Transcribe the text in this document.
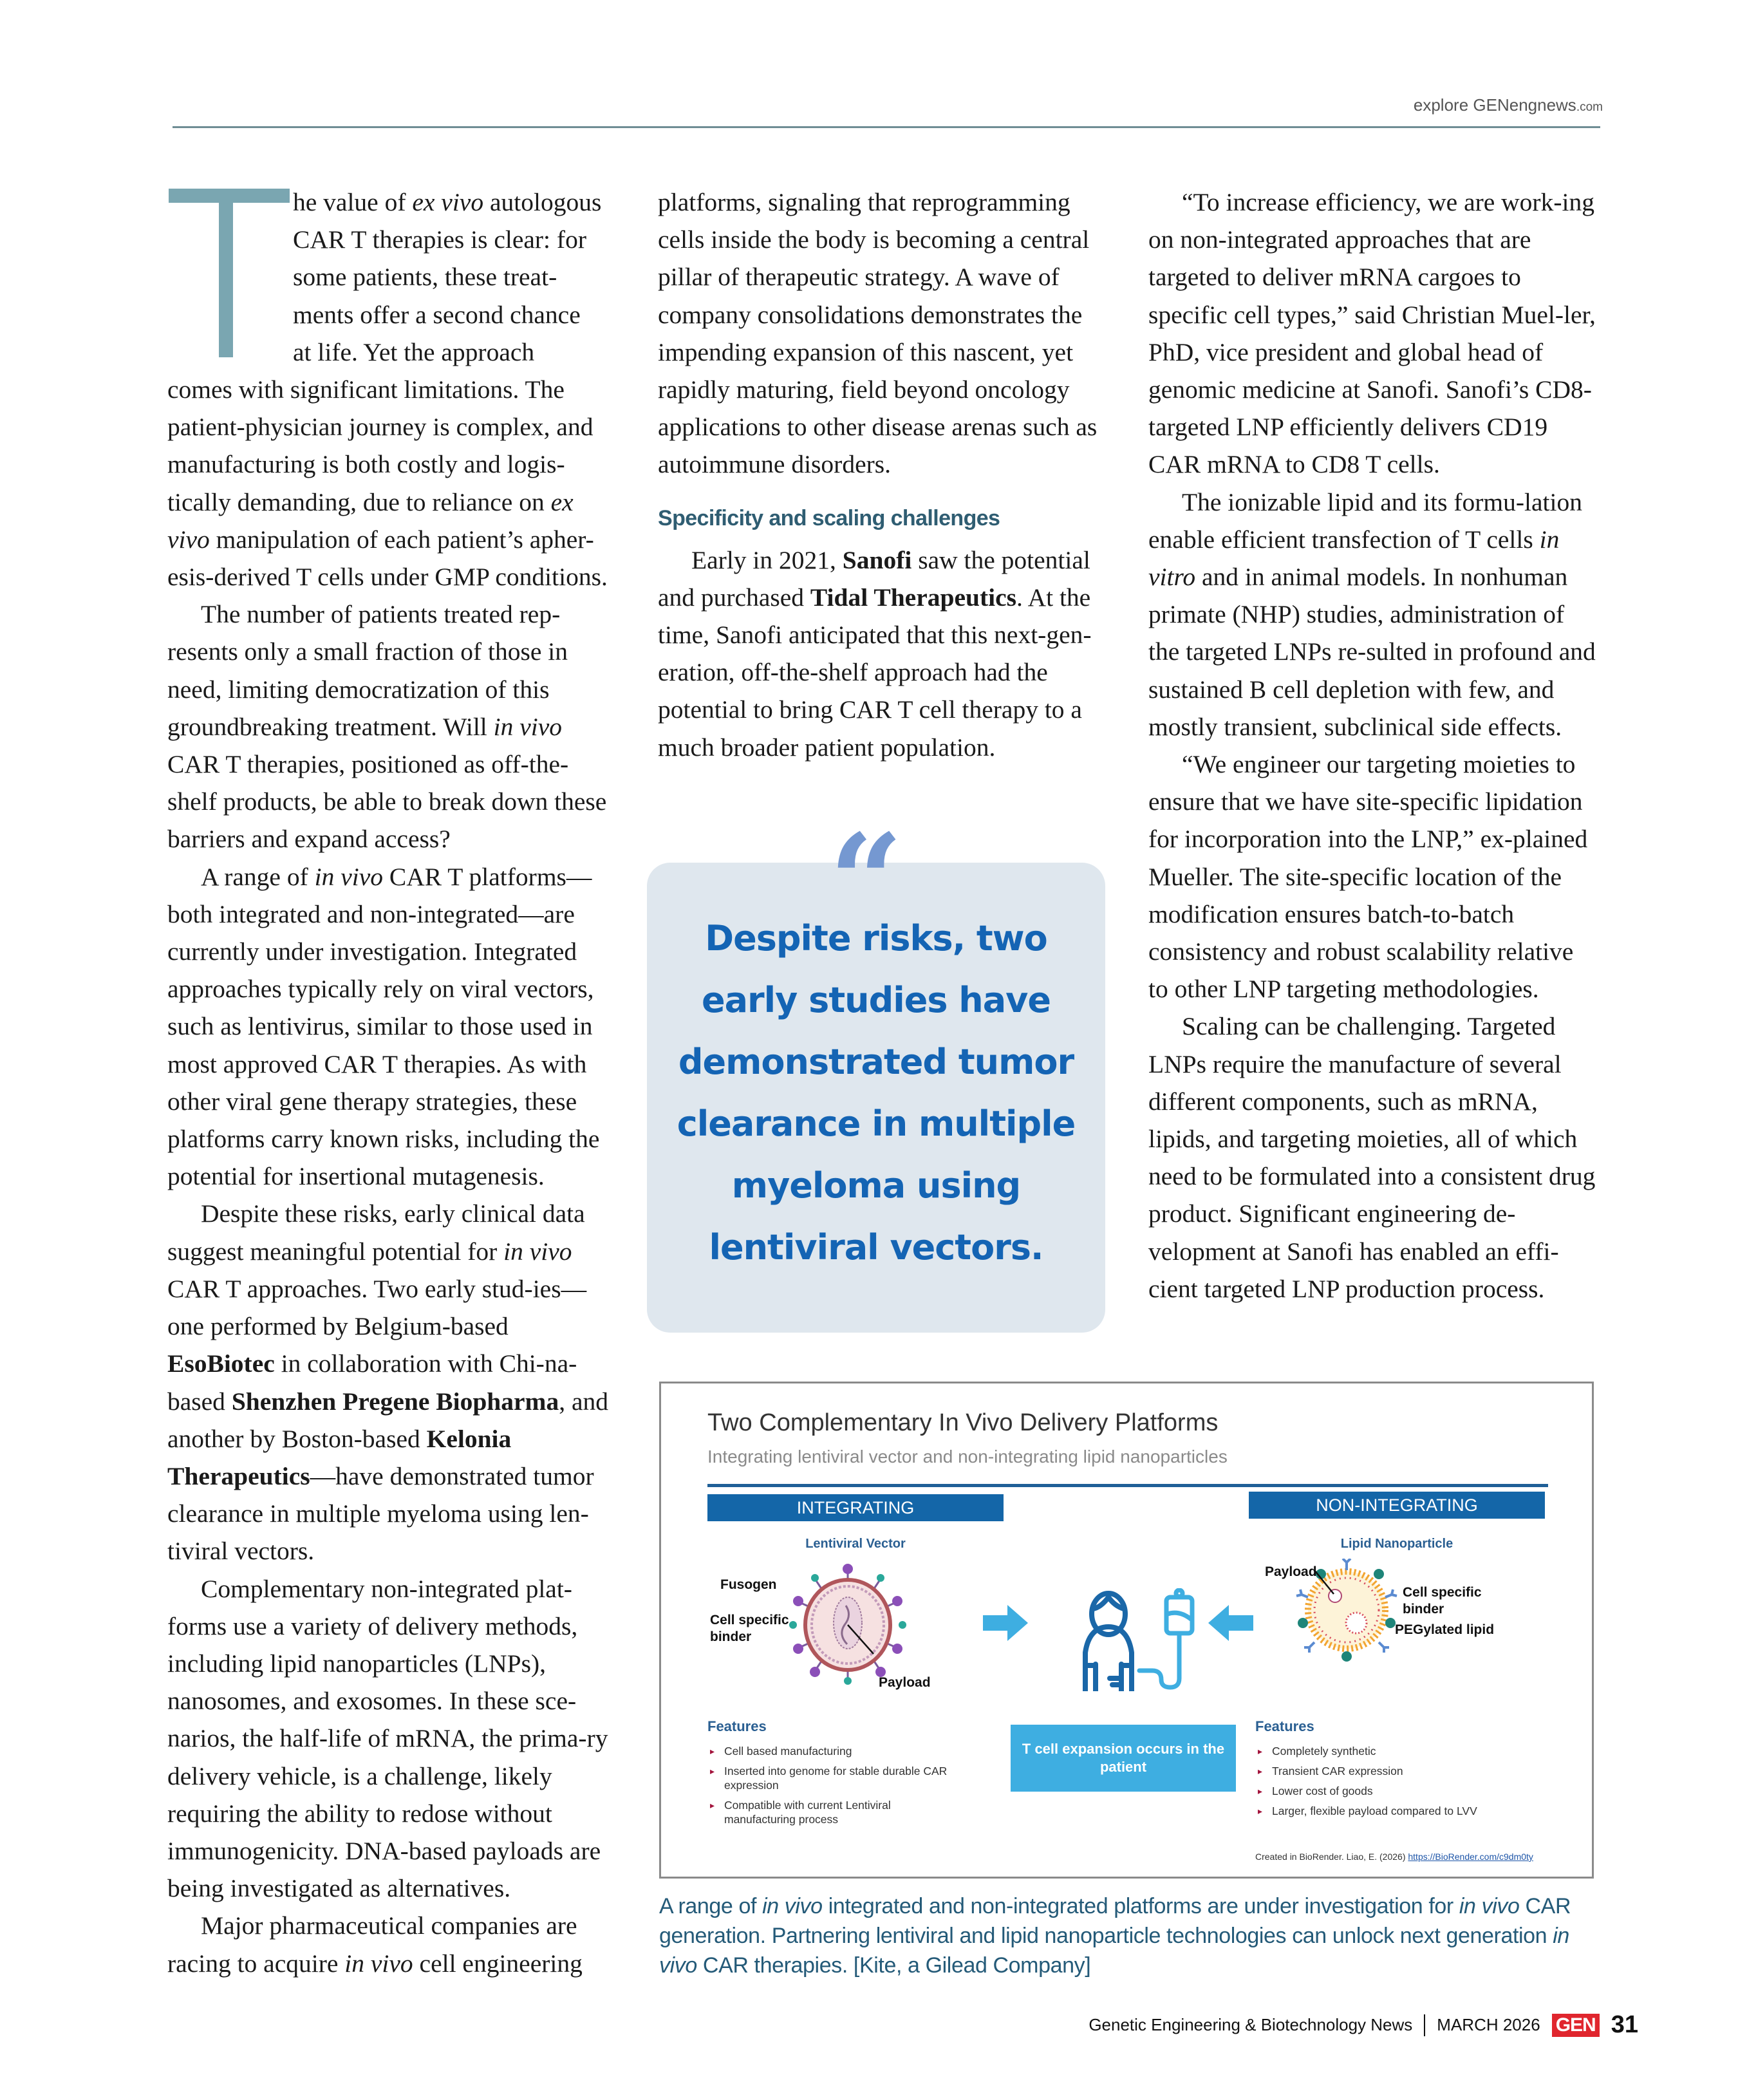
explore GENengnews.com

he value of ex vivo autologous
CAR T therapies is clear: for
some patients, these treat-
ments offer a second chance
at life. Yet the approach
comes with significant limitations. The patient-physician journey is complex, and manufacturing is both costly and logis-tically demanding, due to reliance on ex vivo manipulation of each patient’s apher-esis-derived T cells under GMP conditions.

The number of patients treated rep-resents only a small fraction of those in need, limiting democratization of this groundbreaking treatment. Will in vivo CAR T therapies, positioned as off-the-shelf products, be able to break down these barriers and expand access?

A range of in vivo CAR T platforms—both integrated and non-integrated—are currently under investigation. Integrated approaches typically rely on viral vectors, such as lentivirus, similar to those used in most approved CAR T therapies. As with other viral gene therapy strategies, these platforms carry known risks, including the potential for insertional mutagenesis.

Despite these risks, early clinical data suggest meaningful potential for in vivo CAR T approaches. Two early stud-ies—one performed by Belgium-based EsoBiotec in collaboration with Chi-na-based Shenzhen Pregene Biopharma, and another by Boston-based Kelonia Therapeutics—have demonstrated tumor clearance in multiple myeloma using len-tiviral vectors.

Complementary non-integrated plat-forms use a variety of delivery methods, including lipid nanoparticles (LNPs), nanosomes, and exosomes. In these sce-narios, the half-life of mRNA, the prima-ry delivery vehicle, is a challenge, likely requiring the ability to redose without immunogenicity. DNA-based payloads are being investigated as alternatives.

Major pharmaceutical companies are racing to acquire in vivo cell engineering

platforms, signaling that reprogramming cells inside the body is becoming a central pillar of therapeutic strategy. A wave of company consolidations demonstrates the impending expansion of this nascent, yet rapidly maturing, field beyond oncology applications to other disease arenas such as autoimmune disorders.

Specificity and scaling challenges

Early in 2021, Sanofi saw the potential and purchased Tidal Therapeutics. At the time, Sanofi anticipated that this next-gen-eration, off-the-shelf approach had the potential to bring CAR T cell therapy to a much broader patient population.

Despite risks, two early studies have demonstrated tumor clearance in multiple myeloma using lentiviral vectors.
“

“To increase efficiency, we are work-ing on non-integrated approaches that are targeted to deliver mRNA cargoes to specific cell types,” said Christian Muel-ler, PhD, vice president and global head of genomic medicine at Sanofi. Sanofi’s CD8-targeted LNP efficiently delivers CD19 CAR mRNA to CD8 T cells.

The ionizable lipid and its formu-lation enable efficient transfection of T cells in vitro and in animal models. In nonhuman primate (NHP) studies, administration of the targeted LNPs re-sulted in profound and sustained B cell depletion with few, and mostly transient, subclinical side effects.

“We engineer our targeting moieties to ensure that we have site-specific lipidation for incorporation into the LNP,” ex-plained Mueller. The site-specific location of the modification ensures batch-to-batch consistency and robust scalability relative to other LNP targeting methodologies.

Scaling can be challenging. Targeted LNPs require the manufacture of several different components, such as mRNA, lipids, and targeting moieties, all of which need to be formulated into a consistent drug product. Significant engineering de-velopment at Sanofi has enabled an effi-cient targeted LNP production process.

Two Complementary In Vivo Delivery Platforms
Integrating lentiviral vector and non-integrating lipid nanoparticles
INTEGRATING	NON-INTEGRATING
Lentiviral Vector	Lipid Nanoparticle
Fusogen
Cell specific binder
Payload
Payload
Cell specific binder
PEGylated lipid
Features
▸ Cell based manufacturing
▸ Inserted into genome for stable durable CAR expression
▸ Compatible with current Lentiviral manufacturing process
T cell expansion occurs in the patient
Features
▸ Completely synthetic
▸ Transient CAR expression
▸ Lower cost of goods
▸ Larger, flexible payload compared to LVV
Created in BioRender. Liao, E. (2026) https://BioRender.com/c9dm0ty
A range of in vivo integrated and non-integrated platforms are under investigation for in vivo CAR generation. Partnering lentiviral and lipid nanoparticle technologies can unlock next generation in vivo CAR therapies. [Kite, a Gilead Company]
Genetic Engineering & Biotechnology News MARCH 2026 GEN 31
